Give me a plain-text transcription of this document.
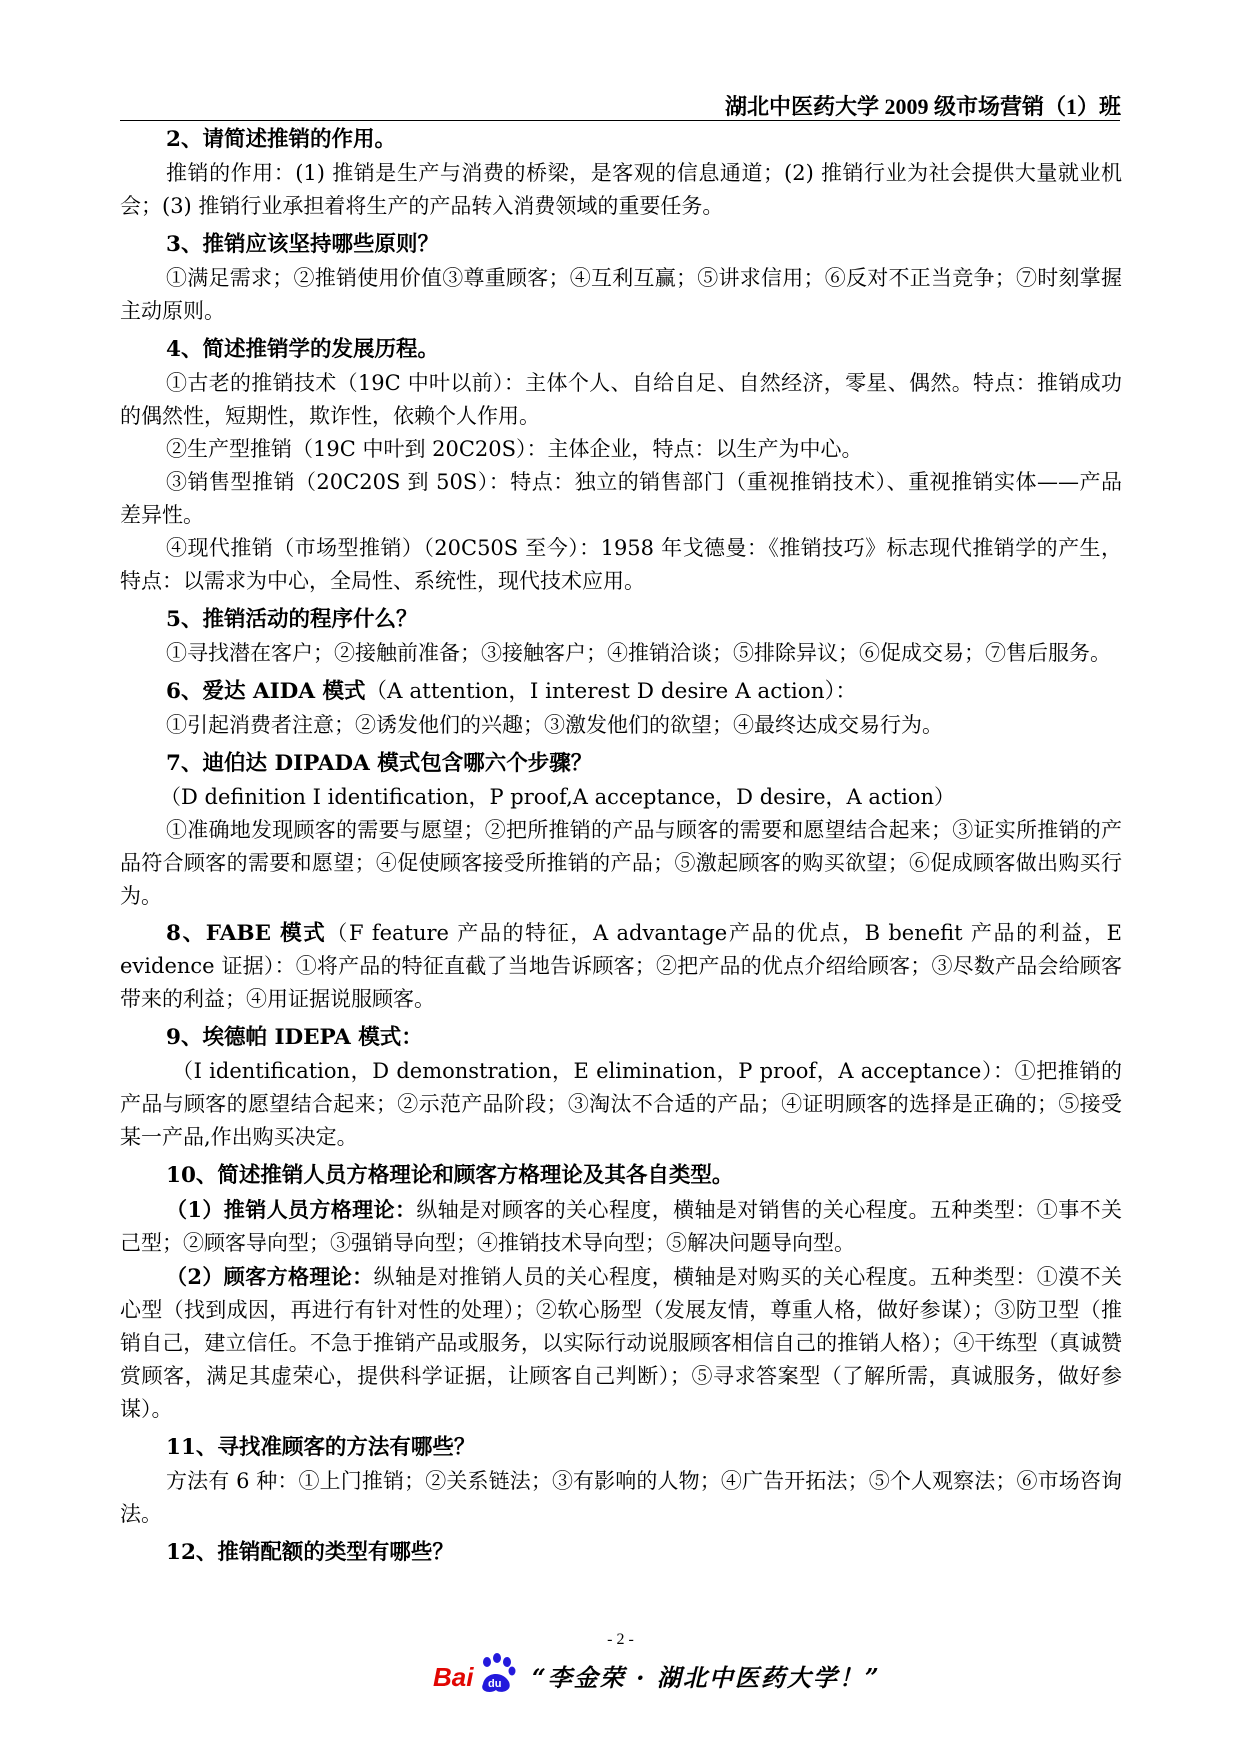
湖北中医药大学 2009 级市场营销（1）班
2、请简述推销的作用。

推销的作用：(1) 推销是生产与消费的桥梁，是客观的信息通道；(2) 推销行业为社会提供大量就业机会；(3) 推销行业承担着将生产的产品转入消费领域的重要任务。

3、推销应该坚持哪些原则？

①满足需求；②推销使用价值③尊重顾客；④互利互赢；⑤讲求信用；⑥反对不正当竞争；⑦时刻掌握主动原则。

4、简述推销学的发展历程。

①古老的推销技术（19C 中叶以前）：主体个人、自给自足、自然经济，零星、偶然。特点：推销成功的偶然性，短期性，欺诈性，依赖个人作用。

②生产型推销（19C 中叶到 20C20S）：主体企业，特点：以生产为中心。

③销售型推销（20C20S 到 50S）：特点：独立的销售部门（重视推销技术）、重视推销实体——产品差异性。

④现代推销（市场型推销）（20C50S 至今）：1958 年戈德曼：《推销技巧》标志现代推销学的产生，特点：以需求为中心，全局性、系统性，现代技术应用。

5、推销活动的程序什么？

①寻找潜在客户；②接触前准备；③接触客户；④推销洽谈；⑤排除异议；⑥促成交易；⑦售后服务。

6、爱达 AIDA 模式（A attention，I interest D desire A action）：

①引起消费者注意；②诱发他们的兴趣；③激发他们的欲望；④最终达成交易行为。

7、迪伯达 DIPADA 模式包含哪六个步骤？

（D definition I identification，P proof,A acceptance，D desire，A action）

①准确地发现顾客的需要与愿望；②把所推销的产品与顾客的需要和愿望结合起来；③证实所推销的产品符合顾客的需要和愿望；④促使顾客接受所推销的产品；⑤激起顾客的购买欲望；⑥促成顾客做出购买行为。

8、FABE 模式（F feature 产品的特征，A advantage产品的优点，B benefit 产品的利益，E evidence 证据）：①将产品的特征直截了当地告诉顾客；②把产品的优点介绍给顾客；③尽数产品会给顾客带来的利益；④用证据说服顾客。

9、埃德帕 IDEPA 模式：

（I identification，D demonstration，E elimination，P proof，A acceptance）：①把推销的产品与顾客的愿望结合起来；②示范产品阶段；③淘汰不合适的产品；④证明顾客的选择是正确的；⑤接受某一产品,作出购买决定。

10、简述推销人员方格理论和顾客方格理论及其各自类型。

（1）推销人员方格理论：纵轴是对顾客的关心程度，横轴是对销售的关心程度。五种类型：①事不关己型；②顾客导向型；③强销导向型；④推销技术导向型；⑤解决问题导向型。

（2）顾客方格理论：纵轴是对推销人员的关心程度，横轴是对购买的关心程度。五种类型：①漠不关心型（找到成因，再进行有针对性的处理）；②软心肠型（发展友情，尊重人格，做好参谋）；③防卫型（推销自己，建立信任。不急于推销产品或服务，以实际行动说服顾客相信自己的推销人格）；④干练型（真诚赞赏顾客，满足其虚荣心，提供科学证据，让顾客自己判断）；⑤寻求答案型（了解所需，真诚服务，做好参谋）。

11、寻找准顾客的方法有哪些？

方法有 6 种：①上门推销；②关系链法；③有影响的人物；④广告开拓法；⑤个人观察法；⑥市场咨询法。

12、推销配额的类型有哪些？
- 2 -
Bai du “李金荣 · 湖北中医药大学！”
